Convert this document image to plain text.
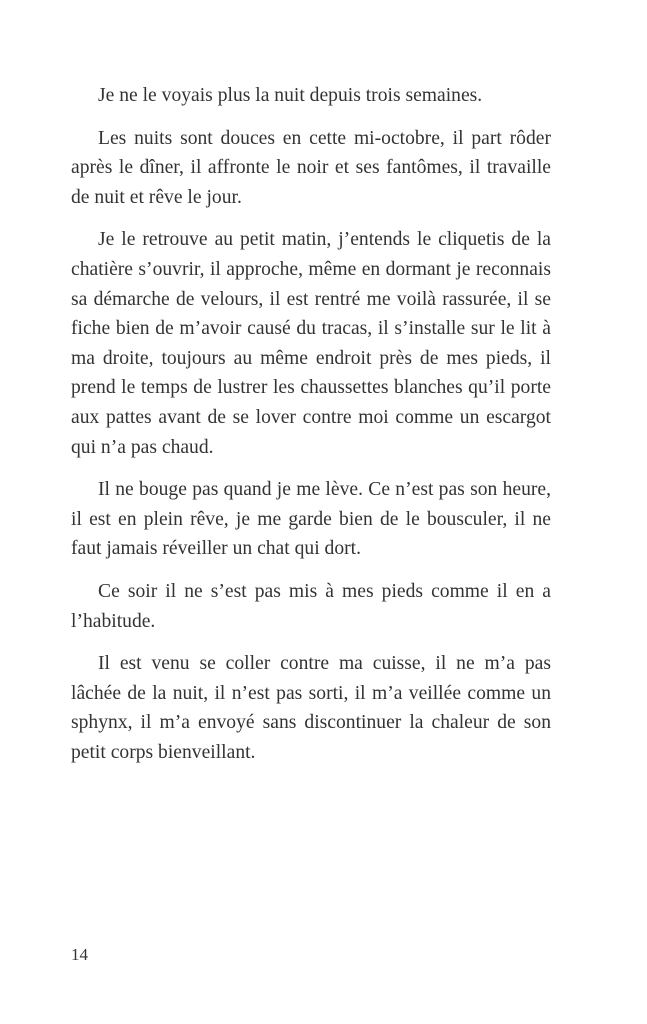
Je ne le voyais plus la nuit depuis trois semaines.

Les nuits sont douces en cette mi-octobre, il part rôder après le dîner, il affronte le noir et ses fantômes, il travaille de nuit et rêve le jour.

Je le retrouve au petit matin, j’entends le cliquetis de la chatière s’ouvrir, il approche, même en dormant je reconnais sa démarche de velours, il est rentré me voilà rassurée, il se fiche bien de m’avoir causé du tracas, il s’installe sur le lit à ma droite, toujours au même endroit près de mes pieds, il prend le temps de lustrer les chaussettes blanches qu’il porte aux pattes avant de se lover contre moi comme un escargot qui n’a pas chaud.

Il ne bouge pas quand je me lève. Ce n’est pas son heure, il est en plein rêve, je me garde bien de le bousculer, il ne faut jamais réveiller un chat qui dort.

Ce soir il ne s’est pas mis à mes pieds comme il en a l’habitude.

Il est venu se coller contre ma cuisse, il ne m’a pas lâchée de la nuit, il n’est pas sorti, il m’a veillée comme un sphynx, il m’a envoyé sans discontinuer la chaleur de son petit corps bienveillant.

14
